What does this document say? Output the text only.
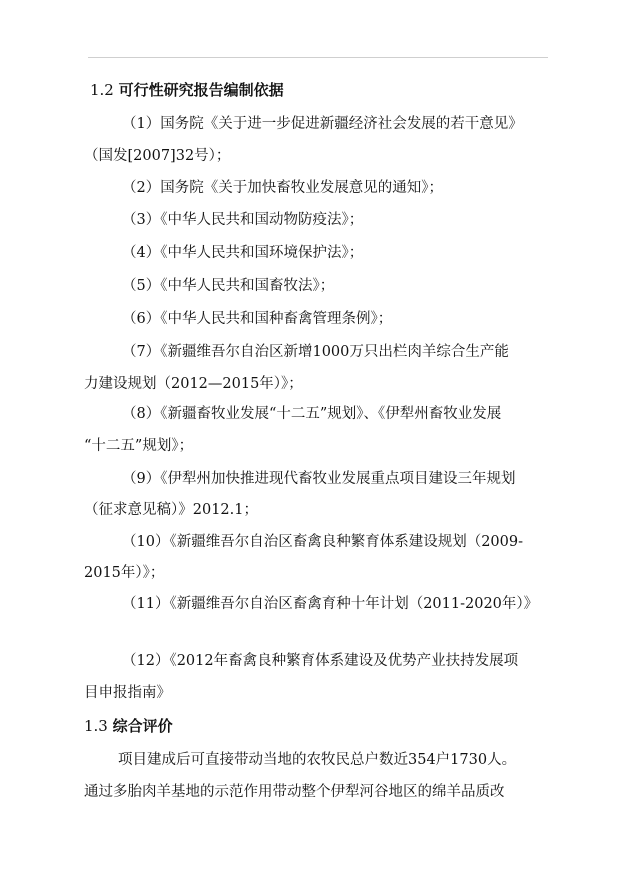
1.2 可行性研究报告编制依据
（1）国务院《关于进一步促进新疆经济社会发展的若干意见》
（国发[2007]32号）；
（2）国务院《关于加快畜牧业发展意见的通知》；
（3）《中华人民共和国动物防疫法》；
（4）《中华人民共和国环境保护法》；
（5）《中华人民共和国畜牧法》；
（6）《中华人民共和国种畜禽管理条例》；
（7）《新疆维吾尔自治区新增1000万只出栏肉羊综合生产能
力建设规划（2012—2015年）》；
（8）《新疆畜牧业发展“十二五”规划》、《伊犁州畜牧业发展
“十二五”规划》；
（9）《伊犁州加快推进现代畜牧业发展重点项目建设三年规划
（征求意见稿）》2012.1；
（10）《新疆维吾尔自治区畜禽良种繁育体系建设规划（2009-
2015年）》；
（11）《新疆维吾尔自治区畜禽育种十年计划（2011-2020年）》
（12）《2012年畜禽良种繁育体系建设及优势产业扶持发展项
目申报指南》
1.3 综合评价
项目建成后可直接带动当地的农牧民总户数近354户1730人。
通过多胎肉羊基地的示范作用带动整个伊犁河谷地区的绵羊品质改
